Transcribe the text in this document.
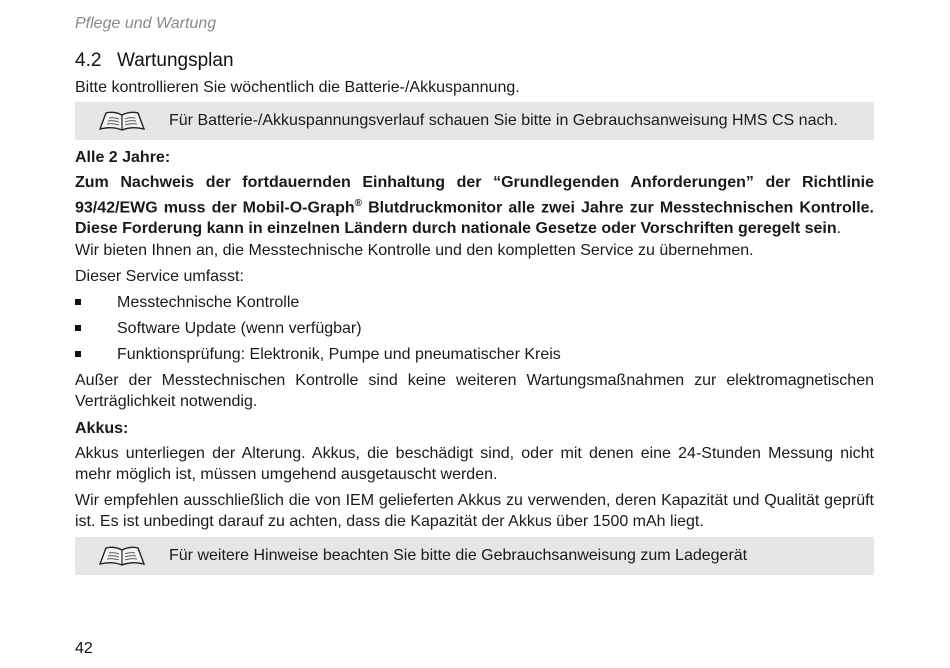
Pflege und Wartung
4.2 Wartungsplan
Bitte kontrollieren Sie wöchentlich die Batterie-/Akkuspannung.
Für Batterie-/Akkuspannungsverlauf schauen Sie bitte in Gebrauchsanweisung HMS CS nach.
Alle 2 Jahre:
Zum Nachweis der fortdauernden Einhaltung der “Grundlegenden Anforderungen” der Richtlinie 93/42/EWG muss der Mobil-O-Graph® Blutdruckmonitor alle zwei Jahre zur Messtechnischen Kontrolle. Diese Forderung kann in einzelnen Ländern durch nationale Gesetze oder Vorschriften geregelt sein.
Wir bieten Ihnen an, die Messtechnische Kontrolle und den kompletten Service zu übernehmen.
Dieser Service umfasst:
Messtechnische Kontrolle
Software Update (wenn verfügbar)
Funktionsprüfung: Elektronik, Pumpe und pneumatischer Kreis
Außer der Messtechnischen Kontrolle sind keine weiteren Wartungsmaßnahmen zur elektromagnetischen Verträglichkeit notwendig.
Akkus:
Akkus unterliegen der Alterung. Akkus, die beschädigt sind, oder mit denen eine 24-Stunden Messung nicht mehr möglich ist, müssen umgehend ausgetauscht werden.
Wir empfehlen ausschließlich die von IEM gelieferten Akkus zu verwenden, deren Kapazität und Qualität geprüft ist. Es ist unbedingt darauf zu achten, dass die Kapazität der Akkus über 1500 mAh liegt.
Für weitere Hinweise beachten Sie bitte die Gebrauchsanweisung zum Ladegerät
42
